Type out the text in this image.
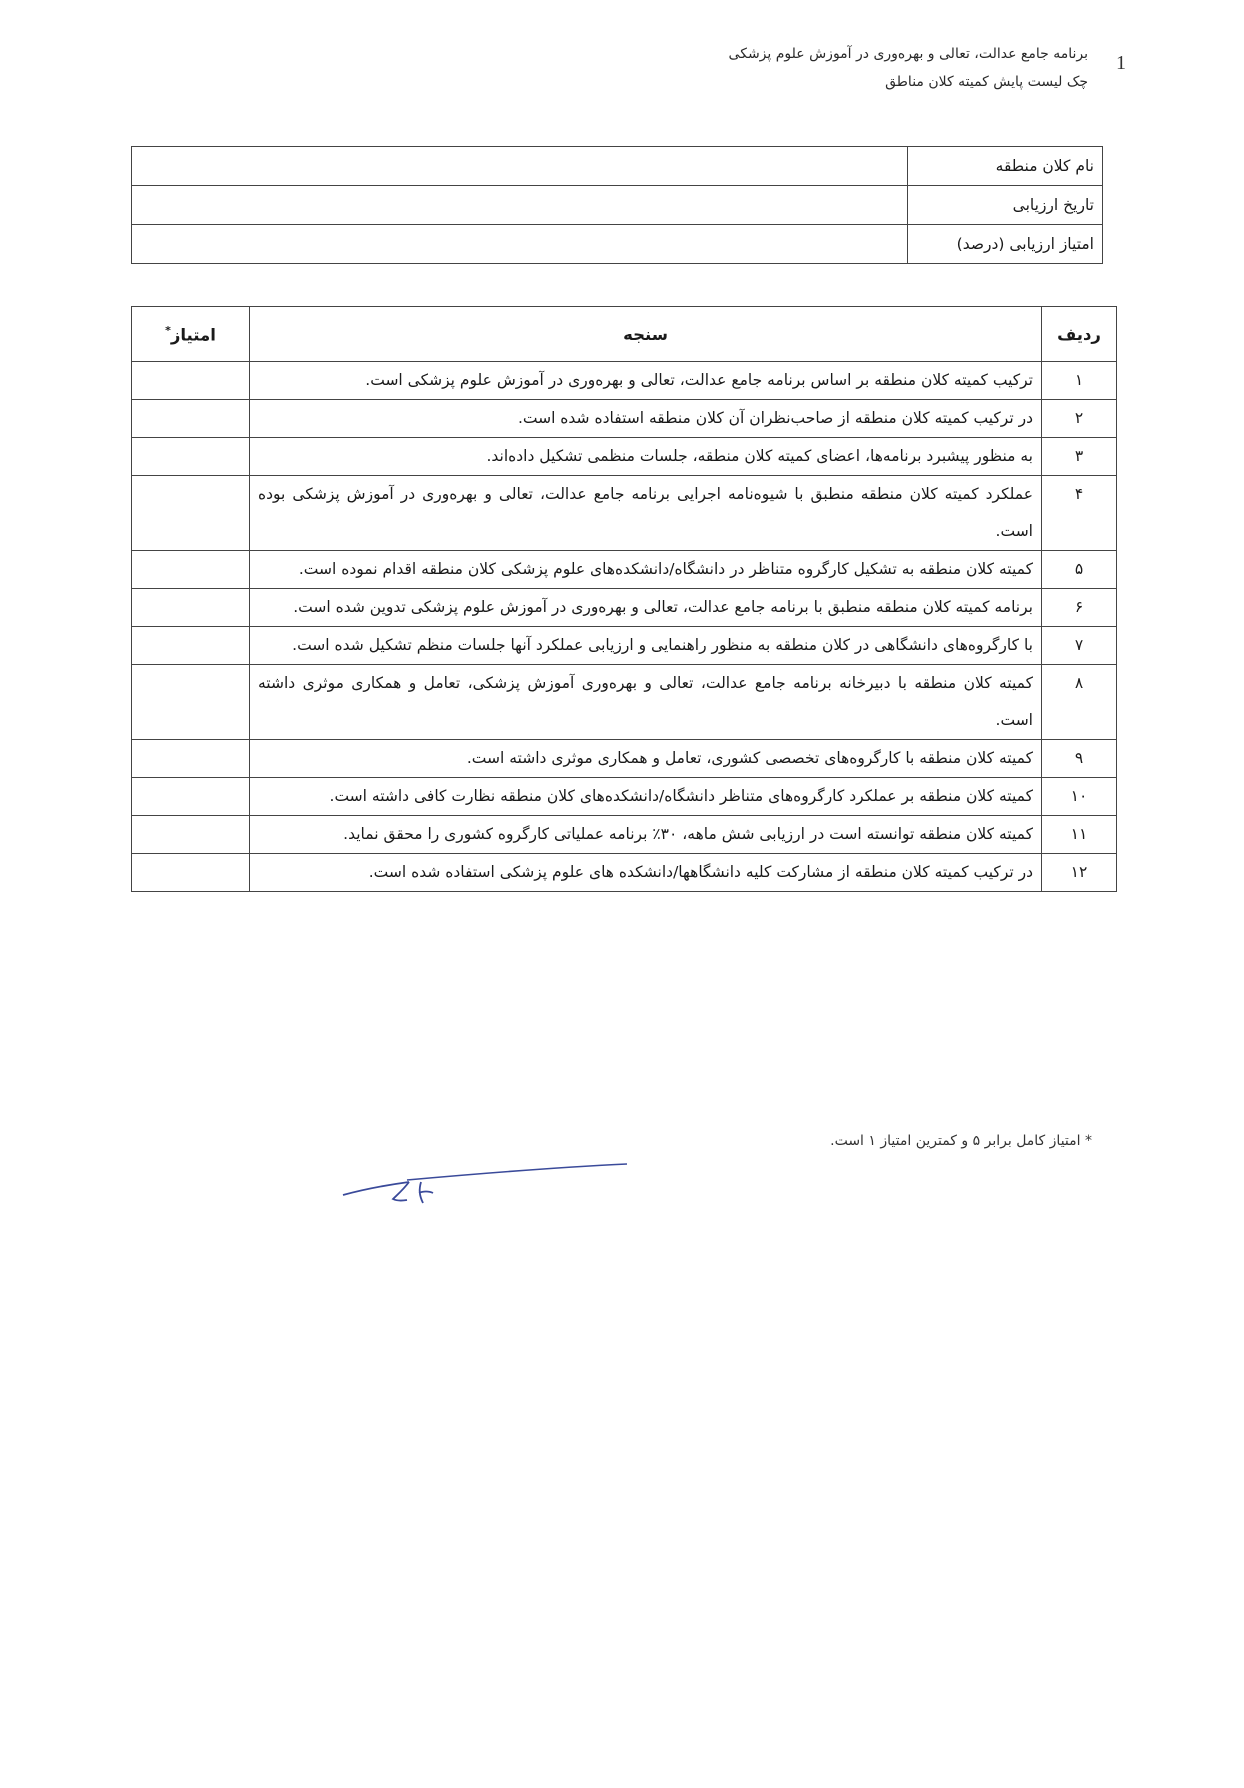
1
برنامه جامع عدالت، تعالی و بهره‌وری در آموزش علوم پزشکی
چک لیست پایش کمیته کلان مناطق
نام کلان منطقه	
تاریخ ارزیابی	
امتیاز ارزیابی (درصد)	
ردیف	سنجه	امتیاز*
۱	ترکیب کمیته کلان منطقه بر اساس برنامه جامع عدالت، تعالی و بهره‌وری در آموزش علوم پزشکی است.	
۲	در ترکیب کمیته کلان منطقه از صاحب‌نظران آن کلان منطقه استفاده شده است.	
۳	به منظور پیشبرد برنامه‌ها، اعضای کمیته کلان منطقه، جلسات منظمی تشکیل داده‌اند.	
۴	عملکرد کمیته کلان منطقه منطبق با شیوه‌نامه اجرایی برنامه جامع عدالت، تعالی و بهره‌وری در آموزش پزشکی بوده است.	
۵	کمیته کلان منطقه به تشکیل کارگروه متناظر در دانشگاه/دانشکده‌های علوم پزشکی کلان منطقه اقدام نموده است.	
۶	برنامه کمیته کلان منطقه منطبق با برنامه جامع عدالت، تعالی و بهره‌وری در آموزش علوم پزشکی تدوین شده است.	
۷	با کارگروه‌های دانشگاهی در کلان منطقه به منظور راهنمایی و ارزیابی عملکرد آنها جلسات منظم تشکیل شده است.	
۸	کمیته کلان منطقه با دبیرخانه برنامه جامع عدالت، تعالی و بهره‌وری آموزش پزشکی، تعامل و همکاری موثری داشته است.	
۹	کمیته کلان منطقه با کارگروه‌های تخصصی کشوری، تعامل و همکاری موثری داشته است.	
۱۰	کمیته کلان منطقه بر عملکرد کارگروه‌های متناظر دانشگاه/دانشکده‌های کلان منطقه نظارت کافی داشته است.	
۱۱	کمیته کلان منطقه توانسته است در ارزیابی شش ماهه، ۳۰٪ برنامه عملیاتی کارگروه کشوری را محقق نماید.	
۱۲	در ترکیب کمیته کلان منطقه از مشارکت کلیه دانشگاهها/دانشکده های علوم پزشکی استفاده شده است.	
* امتیاز کامل برابر ۵ و کمترین امتیاز ۱ است.
